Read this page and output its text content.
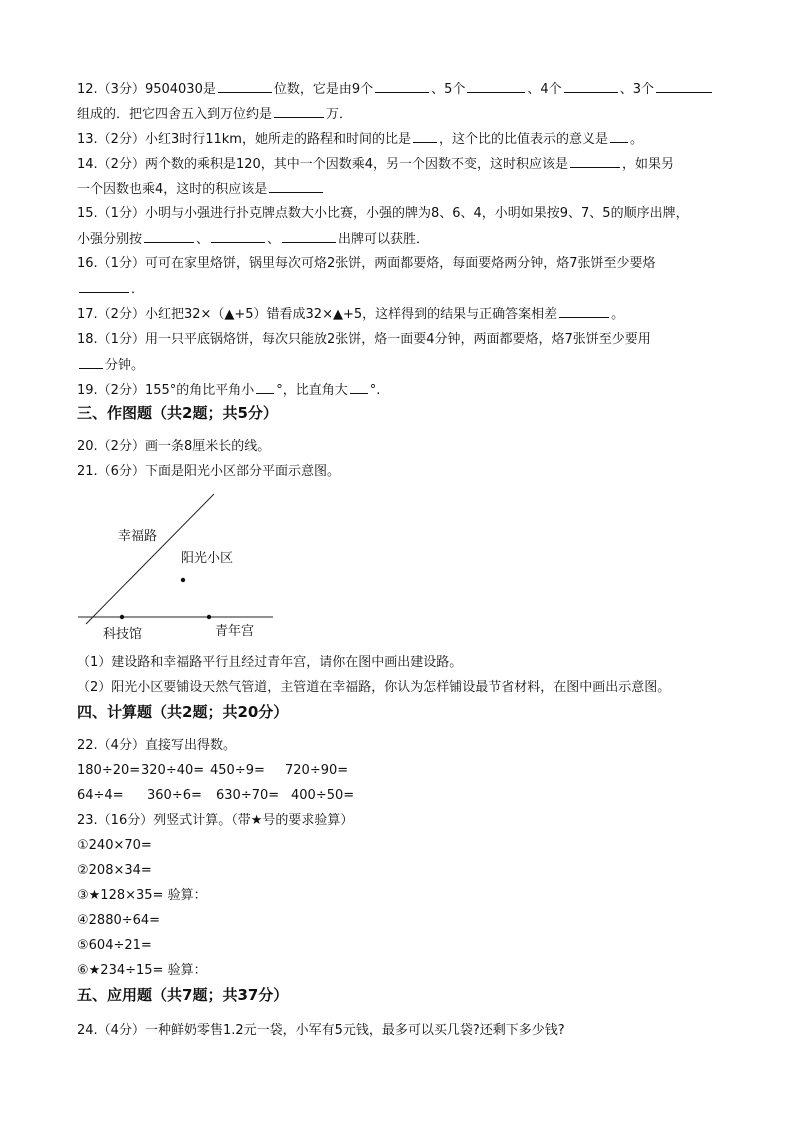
12.（3分）9504030是	位数，它是由9个	、5个	、4个	、3个
组成的．把它四舍五入到万位约是	万．
13.（2分）小红3时行11km，她所走的路程和时间的比是 ，这个比的比值表示的意义是 。
14.（2分）两个数的乘积是120，其中一个因数乘4，另一个因数不变，这时积应该是	，如果另
一个因数也乘4，这时的积应该是
15.（1分）小明与小强进行扑克牌点数大小比赛，小强的牌为8、6、4，小明如果按9、7、5的顺序出牌，
小强分别按	、	、	出牌可以获胜．
16.（1分）可可在家里烙饼，锅里每次可烙2张饼，两面都要烙，每面要烙两分钟，烙7张饼至少要烙
．
17.（2分）小红把32×（▲+5）错看成32×▲+5，这样得到的结果与正确答案相差	。
18.（1分）用一只平底锅烙饼，每次只能放2张饼，烙一面要4分钟，两面都要烙，烙7张饼至少要用
分钟。
19.（2分）155°的角比平角小 °，比直角大 °.
三、作图题（共2题；共5分）
20.（2分）画一条8厘米长的线。
21.（6分）下面是阳光小区部分平面示意图。
幸福路
阳光小区
科技馆	青年宫
（1）建设路和幸福路平行且经过青年宫，请你在图中画出建设路。
（2）阳光小区要铺设天然气管道，主管道在幸福路，你认为怎样铺设最节省材料，在图中画出示意图。
四、计算题（共2题；共20分）
22.（4分）直接写出得数。
180÷20=320÷40= 450÷9= 720÷90=
64÷4= 360÷6= 630÷70= 400÷50=
23.（16分）列竖式计算。（带★号的要求验算）
①240×70=
②208×34=
③★128×35= 验算：
④2880÷64=
⑤604÷21=
⑥★234÷15= 验算：
五、应用题（共7题；共37分）
24.（4分）一种鲜奶零售1.2元一袋，小军有5元钱，最多可以买几袋?还剩下多少钱?
